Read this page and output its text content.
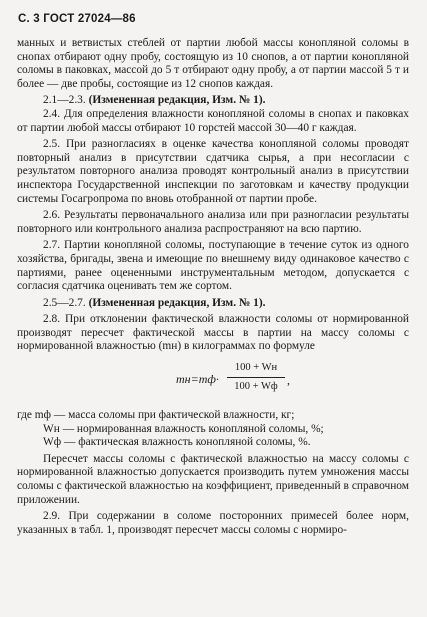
С. 3 ГОСТ 27024—86

манных и ветвистых стеблей от партии любой массы конопляной соломы в снопах отбирают одну пробу, состоящую из 10 снопов, а от партии конопляной соломы в паковках, массой до 5 т отбирают одну пробу, а от партии массой 5 т и более — две пробы, состоящие из 12 снопов каждая.

2.1—2.3. (Измененная редакция, Изм. № 1).

2.4. Для определения влажности конопляной соломы в снопах и паковках от партии любой массы отбирают 10 горстей массой 30—40 г каждая.

2.5. При разногласиях в оценке качества конопляной соломы проводят повторный анализ в присутствии сдатчика сырья, а при несогласии с результатом повторного анализа проводят контрольный анализ в присутствии инспектора Государственной инспекции по заготовкам и качеству продукции системы Госагропрома по вновь отобранной от партии пробе.

2.6. Результаты первоначального анализа или при разногласии результаты повторного или контрольного анализа распространяют на всю партию.

2.7. Партии конопляной соломы, поступающие в течение суток из одного хозяйства, бригады, звена и имеющие по внешнему виду одинаковое качество с партиями, ранее оцененными инструментальным методом, допускается с согласия сдатчика оценивать тем же сортом.

2.5—2.7. (Измененная редакция, Изм. № 1).

2.8. При отклонении фактической влажности соломы от нормированной производят пересчет фактической массы в партии на массу соломы с нормированной влажностью (mн) в килограммах по формуле

mн=mф·
100 + Wн
100 + Wф ,

где mф — масса соломы при фактической влажности, кг;

Wн — нормированная влажность конопляной соломы, %;

Wф — фактическая влажность конопляной соломы, %.

Пересчет массы соломы с фактической влажностью на массу соломы с нормированной влажностью допускается производить путем умножения массы соломы с фактической влажностью на коэффициент, приведенный в справочном приложении.

2.9. При содержании в соломе посторонних примесей более норм, указанных в табл. 1, производят пересчет массы соломы с нормиро-
